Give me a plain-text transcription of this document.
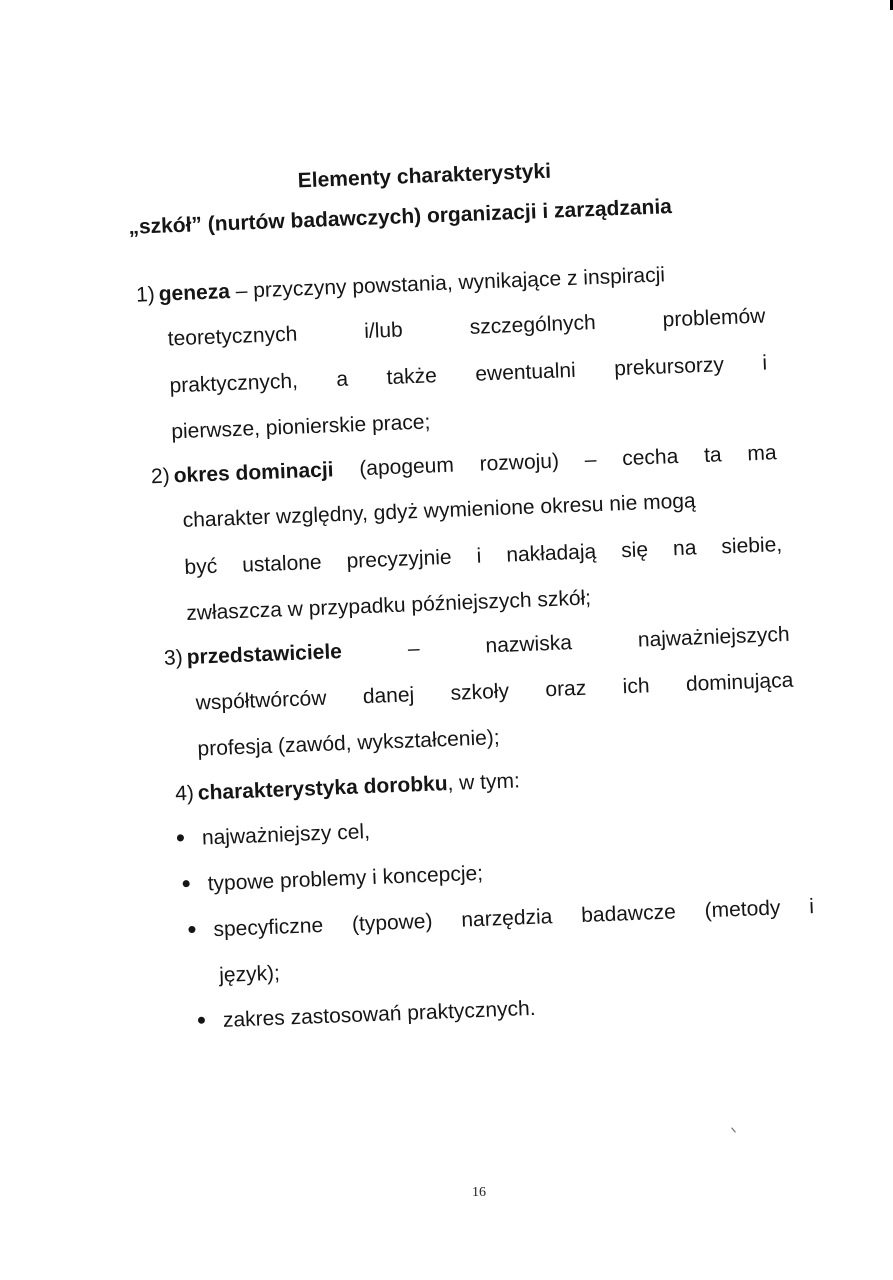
Elementy charakterystyki
„szkół” (nurtów badawczych) organizacji i zarządzania
1) geneza – przyczyny powstania, wynikające z inspiracji
teoretycznych	i/lub	szczególnych	problemów
praktycznych, a także ewentualni prekursorzy i
pierwsze, pionierskie prace;
2) okres dominacji (apogeum rozwoju) – cecha ta ma
charakter względny, gdyż wymienione okresu nie mogą
być ustalone precyzyjnie i nakładają się na siebie,
zwłaszcza w przypadku późniejszych szkół;
3) przedstawiciele	–	nazwiska	najważniejszych
współtwórców danej szkoły oraz ich dominująca
profesja (zawód, wykształcenie);
4) charakterystyka dorobku, w tym:
najważniejszy cel,
typowe problemy i koncepcje;
specyficzne (typowe) narzędzia badawcze (metody i
język);
zakres zastosowań praktycznych.
16
